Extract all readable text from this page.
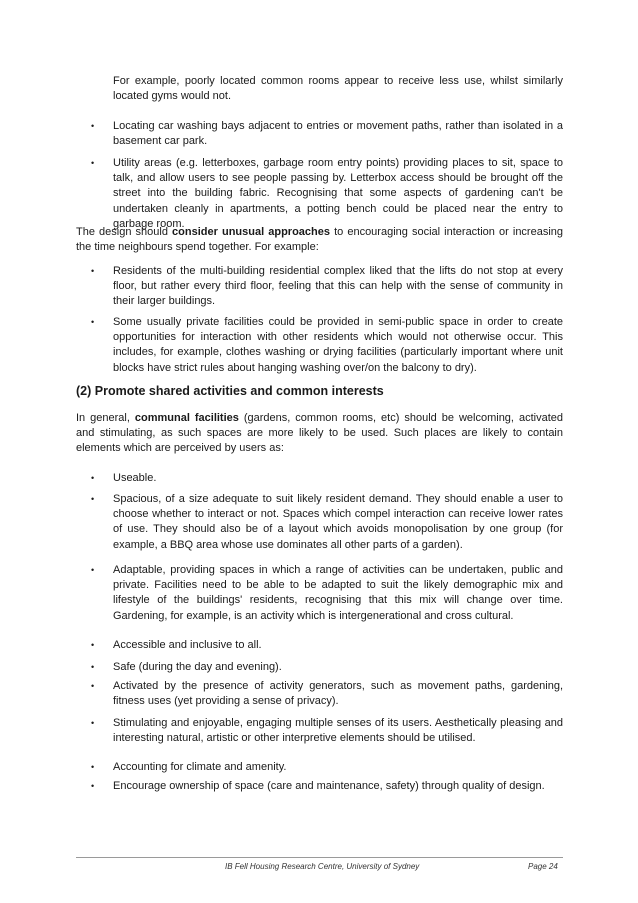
For example, poorly located common rooms appear to receive less use, whilst similarly located gyms would not.

• Locating car washing bays adjacent to entries or movement paths, rather than isolated in a basement car park.
• Utility areas (e.g. letterboxes, garbage room entry points) providing places to sit, space to talk, and allow users to see people passing by. Letterbox access should be brought off the street into the building fabric. Recognising that some aspects of gardening can't be undertaken cleanly in apartments, a potting bench could be placed near the entry to garbage room.

The design should consider unusual approaches to encouraging social interaction or increasing the time neighbours spend together. For example:

• Residents of the multi-building residential complex liked that the lifts do not stop at every floor, but rather every third floor, feeling that this can help with the sense of community in their larger buildings.
• Some usually private facilities could be provided in semi-public space in order to create opportunities for interaction with other residents which would not otherwise occur. This includes, for example, clothes washing or drying facilities (particularly important where unit blocks have strict rules about hanging washing over/on the balcony to dry).
(2) Promote shared activities and common interests

In general, communal facilities (gardens, common rooms, etc) should be welcoming, activated and stimulating, as such spaces are more likely to be used. Such places are likely to contain elements which are perceived by users as:

• Useable.
• Spacious, of a size adequate to suit likely resident demand. They should enable a user to choose whether to interact or not. Spaces which compel interaction can receive lower rates of use. They should also be of a layout which avoids monopolisation by one group (for example, a BBQ area whose use dominates all other parts of a garden).
• Adaptable, providing spaces in which a range of activities can be undertaken, public and private. Facilities need to be able to be adapted to suit the likely demographic mix and lifestyle of the buildings' residents, recognising that this mix will change over time. Gardening, for example, is an activity which is intergenerational and cross cultural.
• Accessible and inclusive to all.
• Safe (during the day and evening).
• Activated by the presence of activity generators, such as movement paths, gardening, fitness uses (yet providing a sense of privacy).
• Stimulating and enjoyable, engaging multiple senses of its users. Aesthetically pleasing and interesting natural, artistic or other interpretive elements should be utilised.
• Accounting for climate and amenity.
• Encourage ownership of space (care and maintenance, safety) through quality of design.
IB Fell Housing Research Centre, University of Sydney	Page 24
